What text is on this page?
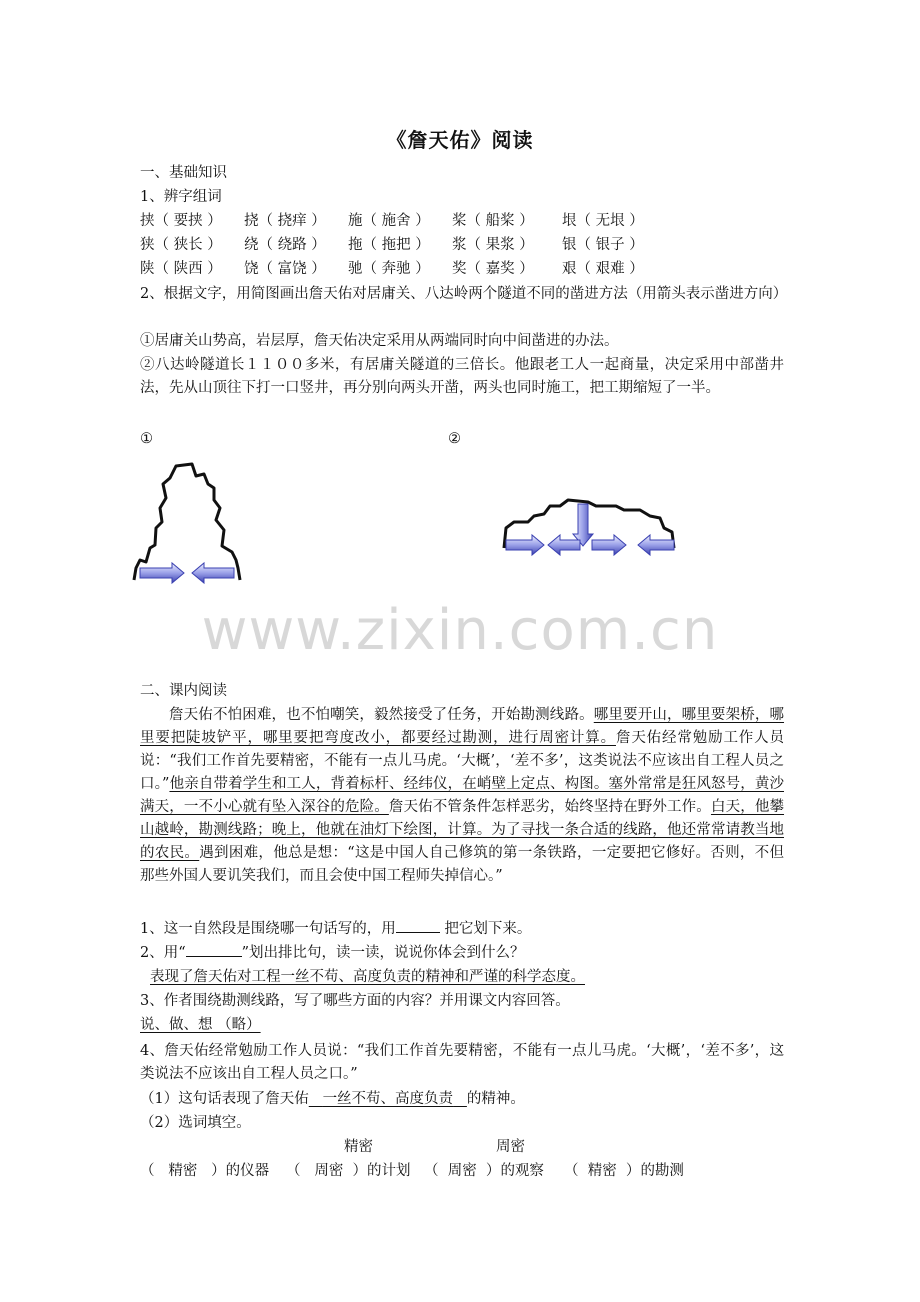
《詹天佑》阅读
一、基础知识
1、辨字组词
挟（ 要挟 ） 挠（ 挠痒 ） 施（ 施舍 ） 桨（ 船桨 ） 垠（ 无垠 ）
狭（ 狭长 ） 绕（ 绕路 ） 拖（ 拖把 ） 浆（ 果浆 ） 银（ 银子 ）
陕（ 陕西 ） 饶（ 富饶 ） 驰（ 奔驰 ） 奖（ 嘉奖 ） 艰（ 艰难 ）
2、根据文字，用简图画出詹天佑对居庸关、八达岭两个隧道不同的凿进方法（用箭头表示凿进方向）
①居庸关山势高，岩层厚，詹天佑决定采用从两端同时向中间凿进的办法。
②八达岭隧道长１１００多米，有居庸关隧道的三倍长。他跟老工人一起商量，决定采用中部凿井法，先从山顶往下打一口竖井，再分别向两头开凿，两头也同时施工，把工期缩短了一半。
①	②
www.zixin.com.cn
二、课内阅读
詹天佑不怕困难，也不怕嘲笑，毅然接受了任务，开始勘测线路。哪里要开山，哪里要架桥，哪里要把陡坡铲平，哪里要把弯度改小，都要经过勘测，进行周密计算。詹天佑经常勉励工作人员说：“我们工作首先要精密，不能有一点儿马虎。‘大概’，‘差不多’，这类说法不应该出自工程人员之口。”他亲自带着学生和工人，背着标杆、经纬仪，在峭壁上定点、构图。塞外常常是狂风怒号，黄沙满天，一不小心就有坠入深谷的危险。詹天佑不管条件怎样恶劣，始终坚持在野外工作。白天，他攀山越岭，勘测线路；晚上，他就在油灯下绘图，计算。为了寻找一条合适的线路，他还常常请教当地的农民。遇到困难，他总是想：“这是中国人自己修筑的第一条铁路，一定要把它修好。否则，不但那些外国人要讥笑我们，而且会使中国工程师失掉信心。”
1、这一自然段是围绕哪一句话写的，用	把它划下来。
2、用“	”划出排比句，读一读，说说你体会到什么？
表现了詹天佑对工程一丝不苟、高度负责的精神和严谨的科学态度。
3、作者围绕勘测线路，写了哪些方面的内容？并用课文内容回答。
说、做、想 （略）
4、詹天佑经常勉励工作人员说：“我们工作首先要精密，不能有一点儿马虎。‘大概’，‘差不多’，这类说法不应该出自工程人员之口。”
（1）这句话表现了詹天佑 一丝不苟、高度负责 的精神。
（2）选词填空。
精密	周密
（   精密   ）的仪器 （   周密  ）的计划 （  周密  ）的观察 （  精密  ）的勘测
